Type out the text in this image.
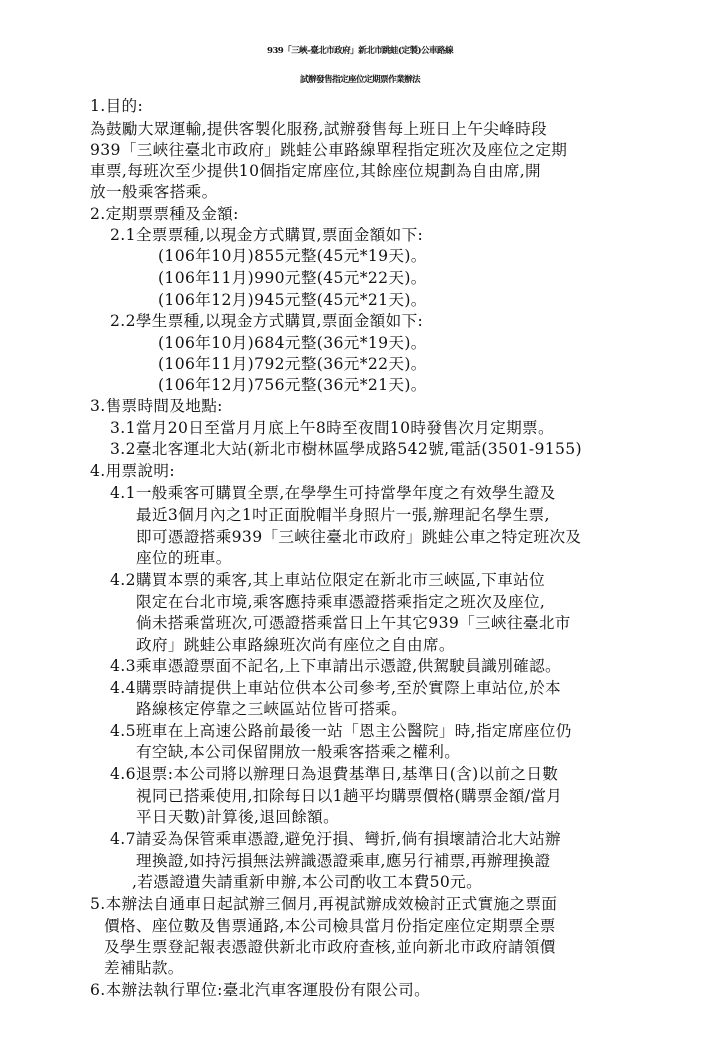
939「三峽-臺北市政府」新北市跳蛙(定製)公車路線
試辦發售指定座位定期票作業辦法
1.目的:
為鼓勵大眾運輸,提供客製化服務,試辦發售每上班日上午尖峰時段
939「三峽往臺北市政府」跳蛙公車路線單程指定班次及座位之定期
車票,每班次至少提供10個指定席座位,其餘座位規劃為自由席,開
放一般乘客搭乘。
2.定期票票種及金額:
2.1全票票種,以現金方式購買,票面金額如下:
(106年10月)855元整(45元*19天)。
(106年11月)990元整(45元*22天)。
(106年12月)945元整(45元*21天)。
2.2學生票種,以現金方式購買,票面金額如下:
(106年10月)684元整(36元*19天)。
(106年11月)792元整(36元*22天)。
(106年12月)756元整(36元*21天)。
3.售票時間及地點:
3.1當月20日至當月月底上午8時至夜間10時發售次月定期票。
3.2臺北客運北大站(新北市樹林區學成路542號,電話(3501-9155)
4.用票說明:
4.1一般乘客可購買全票,在學學生可持當學年度之有效學生證及
最近3個月內之1吋正面脫帽半身照片一張,辦理記名學生票,
即可憑證搭乘939「三峽往臺北市政府」跳蛙公車之特定班次及
座位的班車。
4.2購買本票的乘客,其上車站位限定在新北市三峽區,下車站位
限定在台北市境,乘客應持乘車憑證搭乘指定之班次及座位,
倘未搭乘當班次,可憑證搭乘當日上午其它939「三峽往臺北市
政府」跳蛙公車路線班次尚有座位之自由席。
4.3乘車憑證票面不記名,上下車請出示憑證,供駕駛員識別確認。
4.4購票時請提供上車站位供本公司參考,至於實際上車站位,於本
路線核定停靠之三峽區站位皆可搭乘。
4.5班車在上高速公路前最後一站「恩主公醫院」時,指定席座位仍
有空缺,本公司保留開放一般乘客搭乘之權利。
4.6退票:本公司將以辦理日為退費基準日,基準日(含)以前之日數
視同已搭乘使用,扣除每日以1趟平均購票價格(購票金額/當月
平日天數)計算後,退回餘額。
4.7請妥為保管乘車憑證,避免汙損、彎折,倘有損壞請洽北大站辦
理換證,如持污損無法辨識憑證乘車,應另行補票,再辦理換證
,若憑證遺失請重新申辦,本公司酌收工本費50元。
5.本辦法自通車日起試辦三個月,再視試辦成效檢討正式實施之票面
價格、座位數及售票通路,本公司檢具當月份指定座位定期票全票
及學生票登記報表憑證供新北市政府查核,並向新北市政府請領價
差補貼款。
6.本辦法執行單位:臺北汽車客運股份有限公司。
